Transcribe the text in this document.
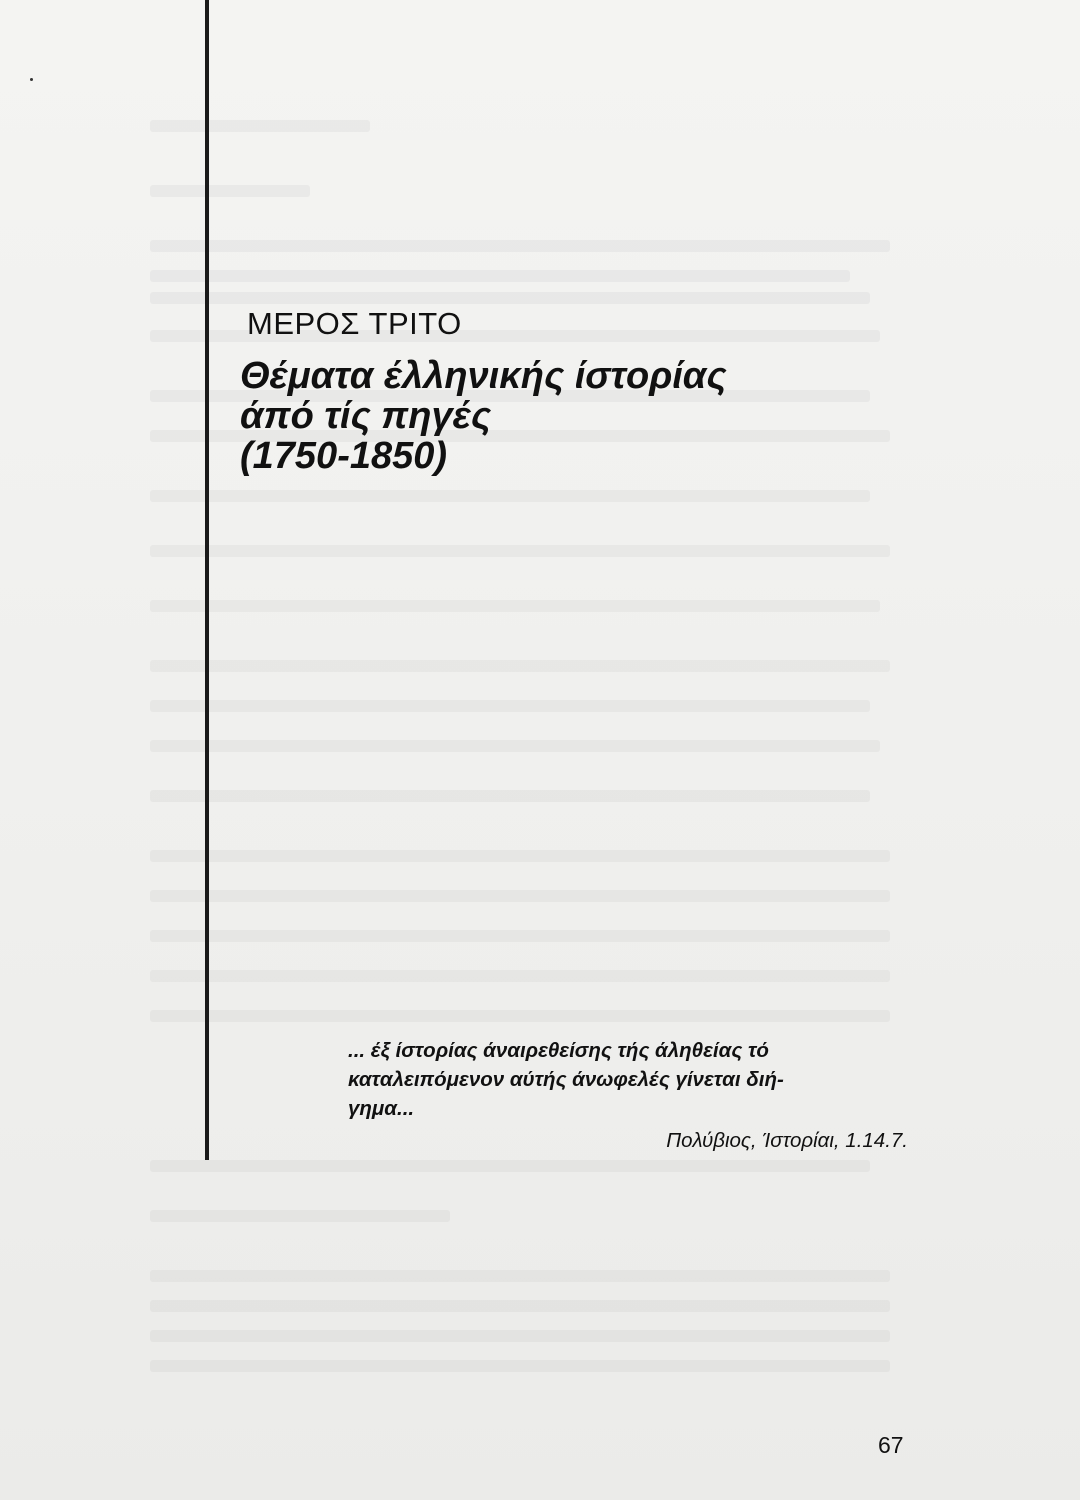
ΜΕΡΟΣ ΤΡΙΤΟ
Θέματα έλληνικής ίστορίας
άπό τίς πηγές
(1750-1850)
... έξ ίστορίας άναιρεθείσης τής άληθείας τό
καταλειπόμενον αύτής άνωφελές γίνεται διή-
γημα...
Πολύβιος, Ίστορίαι, 1.14.7.
67
